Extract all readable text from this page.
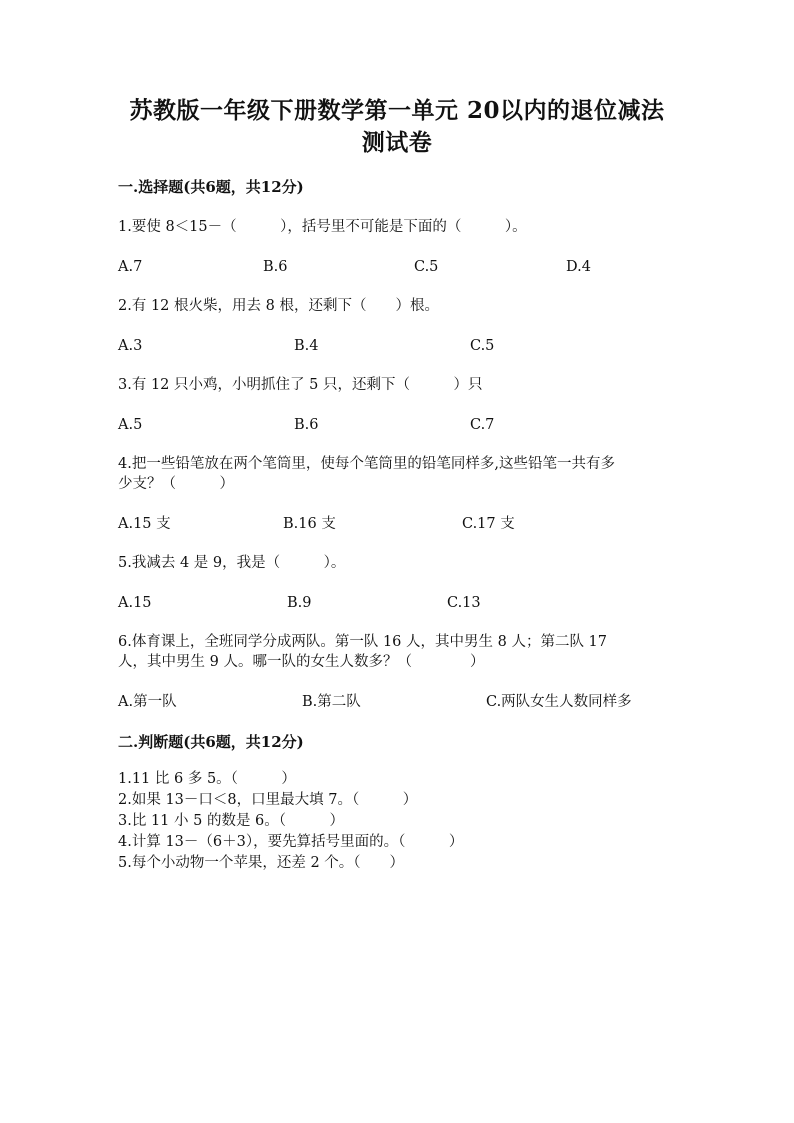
苏教版一年级下册数学第一单元 20以内的退位减法
测试卷
一.选择题(共6题，共12分)
1.要使 8＜15－（　　　），括号里不可能是下面的（　　　）。
A.7	B.6	C.5	D.4
2.有 12 根火柴，用去 8 根，还剩下（　　）根。
A.3	B.4	C.5
3.有 12 只小鸡，小明抓住了 5 只，还剩下（　　　）只
A.5	B.6	C.7
4.把一些铅笔放在两个笔筒里，使每个笔筒里的铅笔同样多,这些铅笔一共有多
少支？（　　　）
A.15 支	B.16 支	C.17 支
5.我减去 4 是 9，我是（　　　）。
A.15	B.9	C.13
6.体育课上，全班同学分成两队。第一队 16 人，其中男生 8 人；第二队 17
人，其中男生 9 人。哪一队的女生人数多？（　　　　）
A.第一队	B.第二队	C.两队女生人数同样多
二.判断题(共6题，共12分)
1.11 比 6 多 5。（　　　）
2.如果 13－口＜8，口里最大填 7。（　　　）
3.比 11 小 5 的数是 6。（　　　）
4.计算 13－（6＋3），要先算括号里面的。（　　　）
5.每个小动物一个苹果，还差 2 个。（　　）
